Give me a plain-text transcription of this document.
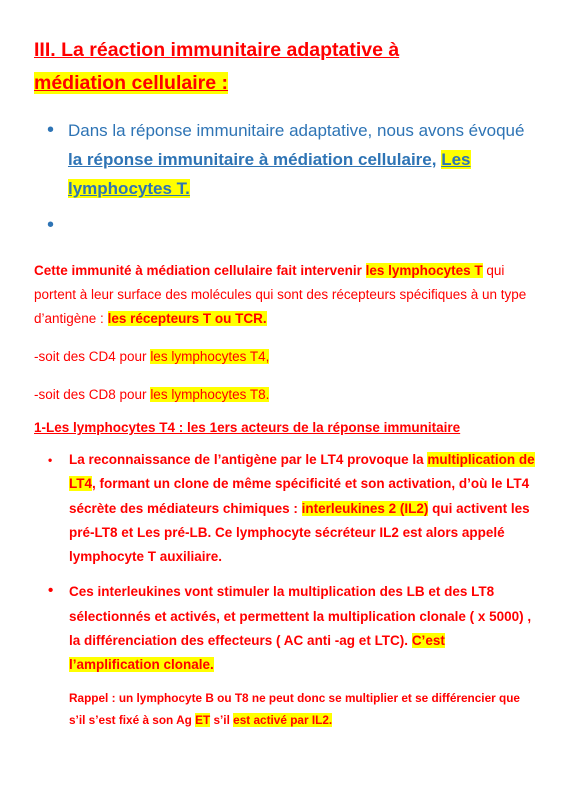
III. La réaction immunitaire adaptative à
médiation cellulaire :
• Dans la réponse immunitaire adaptative, nous avons évoqué la réponse immunitaire à médiation cellulaire, Les lymphocytes T.
•

Cette immunité à médiation cellulaire fait intervenir les lymphocytes T qui portent à leur surface des molécules qui sont des récepteurs spécifiques à un type d’antigène : les récepteurs T ou TCR.

-soit des CD4 pour les lymphocytes T4,

-soit des CD8 pour les lymphocytes T8.

1-Les lymphocytes T4 : les 1ers acteurs de la réponse immunitaire
• La reconnaissance de l’antigène par le LT4 provoque la multiplication de LT4, formant un clone de même spécificité et son activation, d’où le LT4 sécrète des médiateurs chimiques : interleukines 2 (IL2) qui activent les pré-LT8 et Les pré-LB. Ce lymphocyte sécréteur IL2 est alors appelé lymphocyte T auxiliaire.
• Ces interleukines vont stimuler la multiplication des LB et des LT8 sélectionnés et activés, et permettent la multiplication clonale ( x 5000) , la différenciation des effecteurs ( AC anti -ag et LTC). C’est l’amplification clonale.
Rappel : un lymphocyte B ou T8 ne peut donc se multiplier et se différencier que s’il s’est fixé à son Ag ET s’il est activé par IL2.
